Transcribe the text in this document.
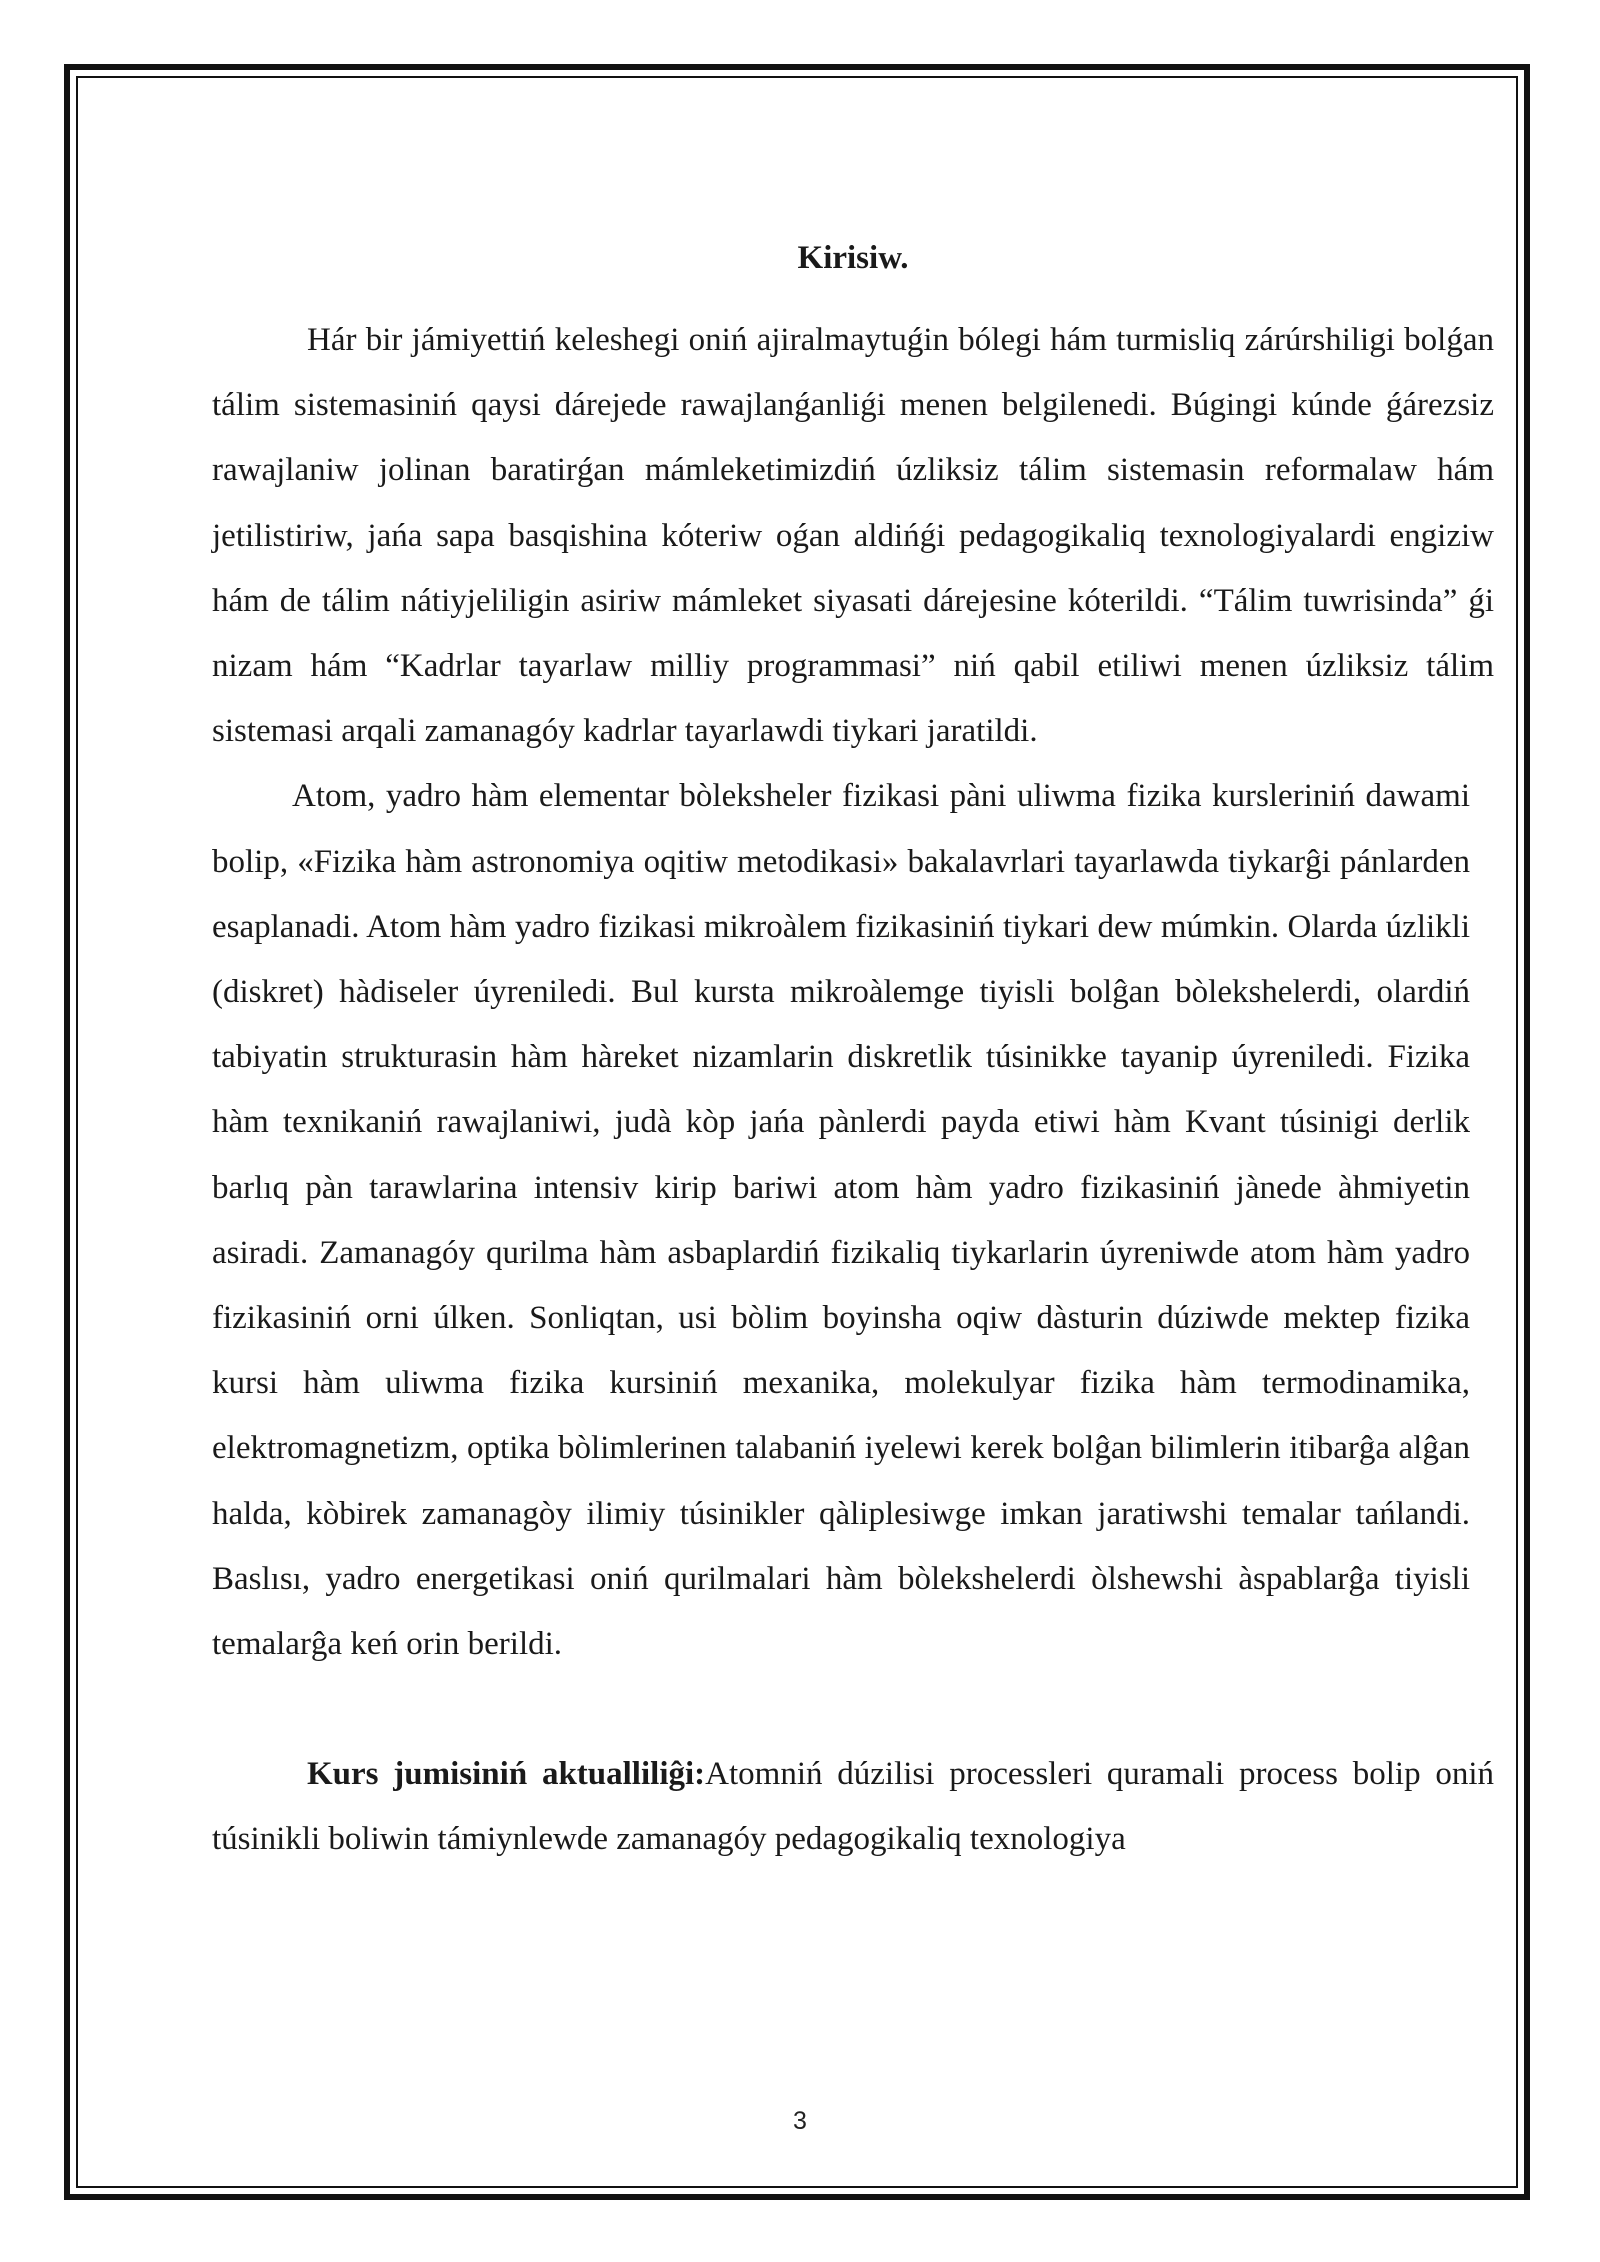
Kirisiw.

Hár bir jámiyettiń keleshegi oniń ajiralmaytuǵin bólegi hám turmisliq zárúrshiligi bolǵan tálim sistemasiniń qaysi dárejede rawajlanǵanliǵi menen belgilenedi. Búgingi kúnde ǵárezsiz rawajlaniw jolinan baratirǵan mámleketimizdiń úzliksiz tálim sistemasin reformalaw hám jetilistiriw, jańa sapa basqishina kóteriw oǵan aldińǵi pedagogikaliq texnologiyalardi engiziw hám de tálim nátiyjeliligin asiriw mámleket siyasati dárejesine kóterildi. “Tálim tuwrisinda” ǵi nizam hám “Kadrlar tayarlaw milliy programmasi” niń qabil etiliwi menen úzliksiz tálim sistemasi arqali zamanagóy kadrlar tayarlawdi tiykari jaratildi.

Atom, yadro hàm elementar bòleksheler fizikasi pàni uliwma fizika kursleriniń dawami bolip, «Fizika hàm astronomiya oqitiw metodikasi» bakalavrlari tayarlawda tiykarĝi pánlarden esaplanadi. Atom hàm yadro fizikasi mikroàlem fizikasiniń tiykari dew múmkin. Olarda úzlikli (diskret) hàdiseler úyreniledi. Bul kursta mikroàlemge tiyisli bolĝan bòlekshelerdi, olardiń tabiyatin strukturasin hàm hàreket nizamlarin diskretlik túsinikke tayanip úyreniledi. Fizika hàm texnikaniń rawajlaniwi, judà kòp jańa pànlerdi payda etiwi hàm Kvant túsinigi derlik barlıq pàn tarawlarina intensiv kirip bariwi atom hàm yadro fizikasiniń jànede àhmiyetin asiradi. Zamanagóy qurilma hàm asbaplardiń fizikaliq tiykarlarin úyreniwde atom hàm yadro fizikasiniń orni úlken. Sonliqtan, usi bòlim boyinsha oqiw dàsturin dúziwde mektep fizika kursi hàm uliwma fizika kursiniń mexanika, molekulyar fizika hàm termodinamika, elektromagnetizm, optika bòlimlerinen talabaniń iyelewi kerek bolĝan bilimlerin itibarĝa alĝan halda, kòbirek zamanagòy ilimiy túsinikler qàliplesiwge imkan jaratiwshi temalar tańlandi. Baslısı, yadro energetikasi oniń qurilmalari hàm bòlekshelerdi òlshewshi àspablarĝa tiyisli temalarĝa keń orin berildi.

Kurs jumisiniń aktualliliĝi:Atomniń dúzilisi processleri quramali process bolip oniń túsinikli boliwin támiynlewde zamanagóy pedagogikaliq texnologiya

3
